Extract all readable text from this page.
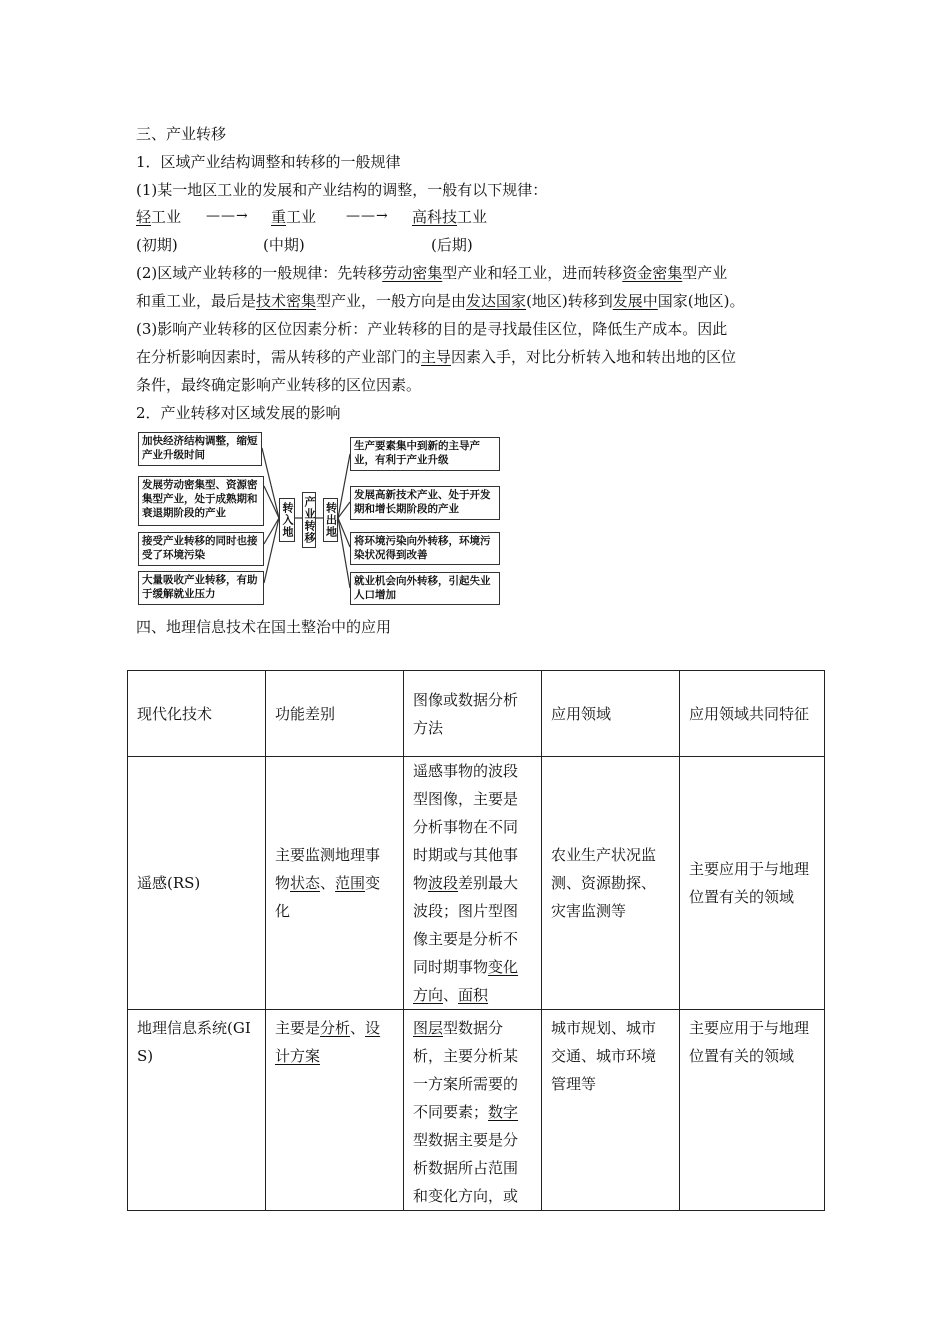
三、产业转移
1．区域产业结构调整和转移的一般规律
(1)某一地区工业的发展和产业结构的调整，一般有以下规律：
轻工业 ——→ 重工业 ——→ 高科技工业
(初期)	(中期)	(后期)
(2)区域产业转移的一般规律：先转移劳动密集型产业和轻工业，进而转移资金密集型产业
和重工业，最后是技术密集型产业，一般方向是由发达国家(地区)转移到发展中国家(地区)。
(3)影响产业转移的区位因素分析：产业转移的目的是寻找最佳区位，降低生产成本。因此
在分析影响因素时，需从转移的产业部门的主导因素入手，对比分析转入地和转出地的区位
条件，最终确定影响产业转移的区位因素。
2．产业转移对区域发展的影响
加快经济结构调整，缩短产业升级时间
发展劳动密集型、资源密集型产业，处于成熟期和衰退期阶段的产业
接受产业转移的同时也接受了环境污染
大量吸收产业转移，有助于缓解就业压力
转入地 产业转移 转出地
生产要素集中到新的主导产业，有利于产业升级
发展高新技术产业、处于开发期和增长期阶段的产业
将环境污染向外转移，环境污染状况得到改善
就业机会向外转移，引起失业人口增加
四、地理信息技术在国土整治中的应用
现代化技术	功能差别	图像或数据分析方法	应用领域	应用领域共同特征
遥感(RS)	主要监测地理事物状态、范围变化	遥感事物的波段型图像，主要是分析事物在不同时期或与其他事物波段差别最大波段；图片型图像主要是分析不同时期事物变化方向、面积	农业生产状况监测、资源勘探、灾害监测等	主要应用于与地理位置有关的领域
地理信息系统(GIS)	主要是分析、设计方案	图层型数据分析，主要分析某一方案所需要的不同要素；数字型数据主要是分析数据所占范围和变化方向，或	城市规划、城市交通、城市环境管理等	主要应用于与地理位置有关的领域
